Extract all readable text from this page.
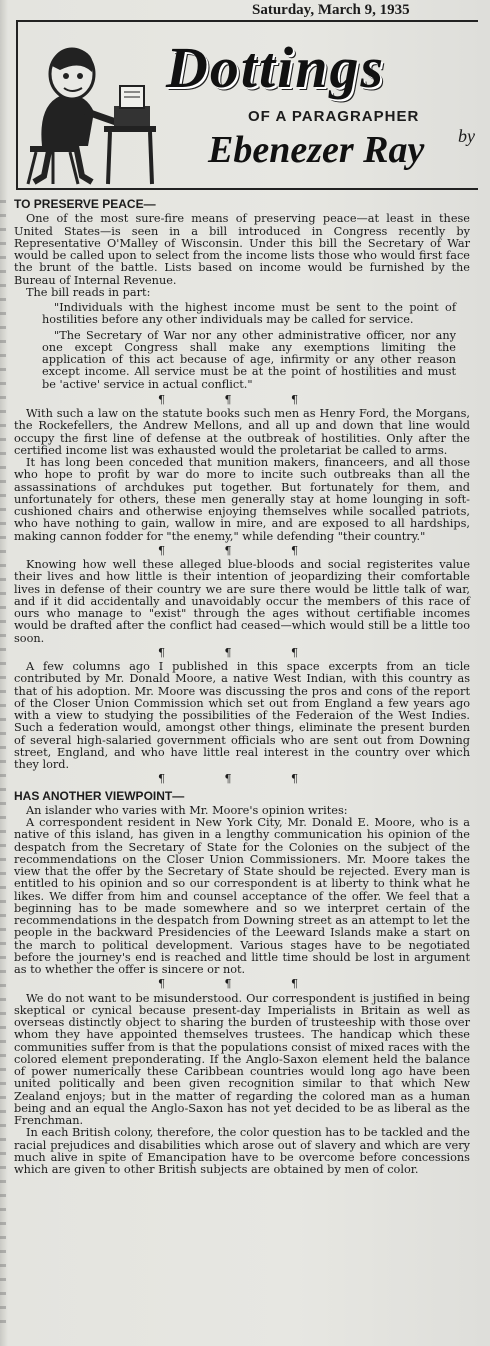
Saturday, March 9, 1935
Dottings
OF A PARAGRAPHER
Ebenezer Ray by

TO PRESERVE PEACE—

One of the most sure-fire means of preserving peace—at least in these United States—is seen in a bill introduced in Congress recently by Representative O'Malley of Wisconsin. Under this bill the Secretary of War would be called upon to select from the income lists those who would first face the brunt of the battle. Lists based on income would be furnished by the Bureau of Internal Revenue.

The bill reads in part:

"Individuals with the highest income must be sent to the point of hostilities before any other individuals may be called for service.

"The Secretary of War nor any other administrative officer, nor any one except Congress shall make any exemptions limiting the application of this act because of age, infirmity or any other reason except income. All service must be at the point of hostilities and must be 'active' service in actual conflict."

¶ ¶ ¶

With such a law on the statute books such men as Henry Ford, the Morgans, the Rockefellers, the Andrew Mellons, and all up and down that line would occupy the first line of defense at the outbreak of hostilities. Only after the certified income list was exhausted would the proletariat be called to arms.

It has long been conceded that munition makers, financeers, and all those who hope to profit by war do more to incite such outbreaks than all the assassinations of archdukes put together. But fortunately for them, and unfortunately for others, these men generally stay at home lounging in soft-cushioned chairs and otherwise enjoying themselves while socalled patriots, who have nothing to gain, wallow in mire, and are exposed to all hardships, making cannon fodder for "the enemy," while defending "their country."

¶ ¶ ¶

Knowing how well these alleged blue-bloods and social registerites value their lives and how little is their intention of jeopardizing their comfortable lives in defense of their country we are sure there would be little talk of war, and if it did accidentally and unavoidably occur the members of this race of ours who manage to "exist" through the ages without certifiable incomes would be drafted after the conflict had ceased—which would still be a little too soon.

¶ ¶ ¶

A few columns ago I published in this space excerpts from an ticle contributed by Mr. Donald Moore, a native West Indian, with this country as that of his adoption. Mr. Moore was discussing the pros and cons of the report of the Closer Union Commission which set out from England a few years ago with a view to studying the possibilities of the Federaion of the West Indies. Such a federation would, amongst other things, eliminate the present burden of several high-salaried government officials who are sent out from Downing street, England, and who have little real interest in the country over which they lord.

¶ ¶ ¶

HAS ANOTHER VIEWPOINT—

An islander who varies with Mr. Moore's opinion writes:

A correspondent resident in New York City, Mr. Donald E. Moore, who is a native of this island, has given in a lengthy communication his opinion of the despatch from the Secretary of State for the Colonies on the subject of the recommendations on the Closer Union Commissioners. Mr. Moore takes the view that the offer by the Secretary of State should be rejected. Every man is entitled to his opinion and so our correspondent is at liberty to think what he likes. We differ from him and counsel acceptance of the offer. We feel that a beginning has to be made somewhere and so we interpret certain of the recommendations in the despatch from Downing street as an attempt to let the people in the backward Presidencies of the Leeward Islands make a start on the march to political development. Various stages have to be negotiated before the journey's end is reached and little time should be lost in argument as to whether the offer is sincere or not.

¶ ¶ ¶

We do not want to be misunderstood. Our correspondent is justified in being skeptical or cynical because present-day Imperialists in Britain as well as overseas distinctly object to sharing the burden of trusteeship with those over whom they have appointed themselves trustees. The handicap which these communities suffer from is that the populations consist of mixed races with the colored element preponderating. If the Anglo-Saxon element held the balance of power numerically these Caribbean countries would long ago have been united politically and been given recognition similar to that which New Zealand enjoys; but in the matter of regarding the colored man as a human being and an equal the Anglo-Saxon has not yet decided to be as liberal as the Frenchman.

In each British colony, therefore, the color question has to be tackled and the racial prejudices and disabilities which arose out of slavery and which are very much alive in spite of Emancipation have to be overcome before concessions which are given to other British subjects are obtained by men of color.
